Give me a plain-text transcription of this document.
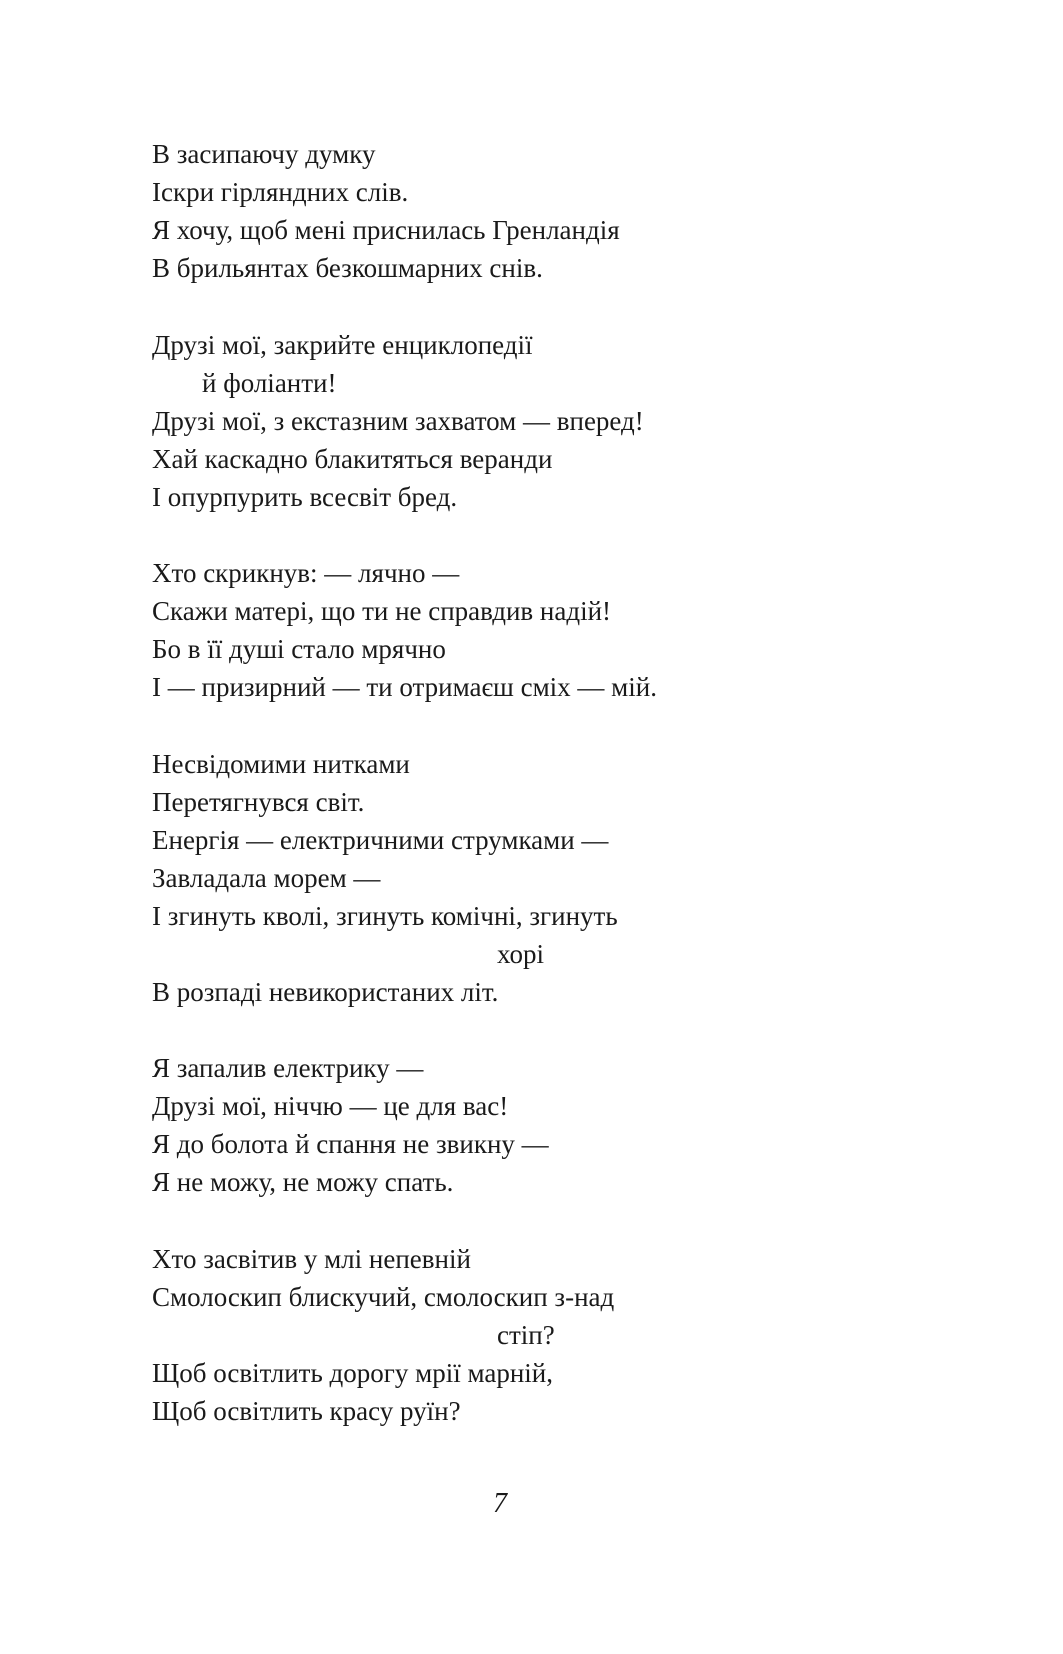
В засипаючу думку
Іскри гірляндних слів.
Я хочу, щоб мені приснилась Гренландія
В брильянтах безкошмарних снів.
Друзі мої, закрийте енциклопедії
й фоліанти!
Друзі мої, з екстазним захватом — вперед!
Хай каскадно блакитяться веранди
І опурпурить всесвіт бред.
Хто скрикнув: — лячно —
Скажи матері, що ти не справдив надій!
Бо в її душі стало мрячно
І — призирний — ти отримаєш сміх — мій.
Несвідомими нитками
Перетягнувся світ.
Енергія — електричними струмками —
Завладала морем —
І згинуть кволі, згинуть комічні, згинуть
хорі
В розпаді невикористаних літ.
Я запалив електрику —
Друзі мої, ніччю — це для вас!
Я до болота й спання не звикну —
Я не можу, не можу спать.
Хто засвітив у млі непевній
Смолоскип блискучий, смолоскип з-над
стіп?
Щоб освітлить дорогу мрії марній,
Щоб освітлить красу руїн?
7
